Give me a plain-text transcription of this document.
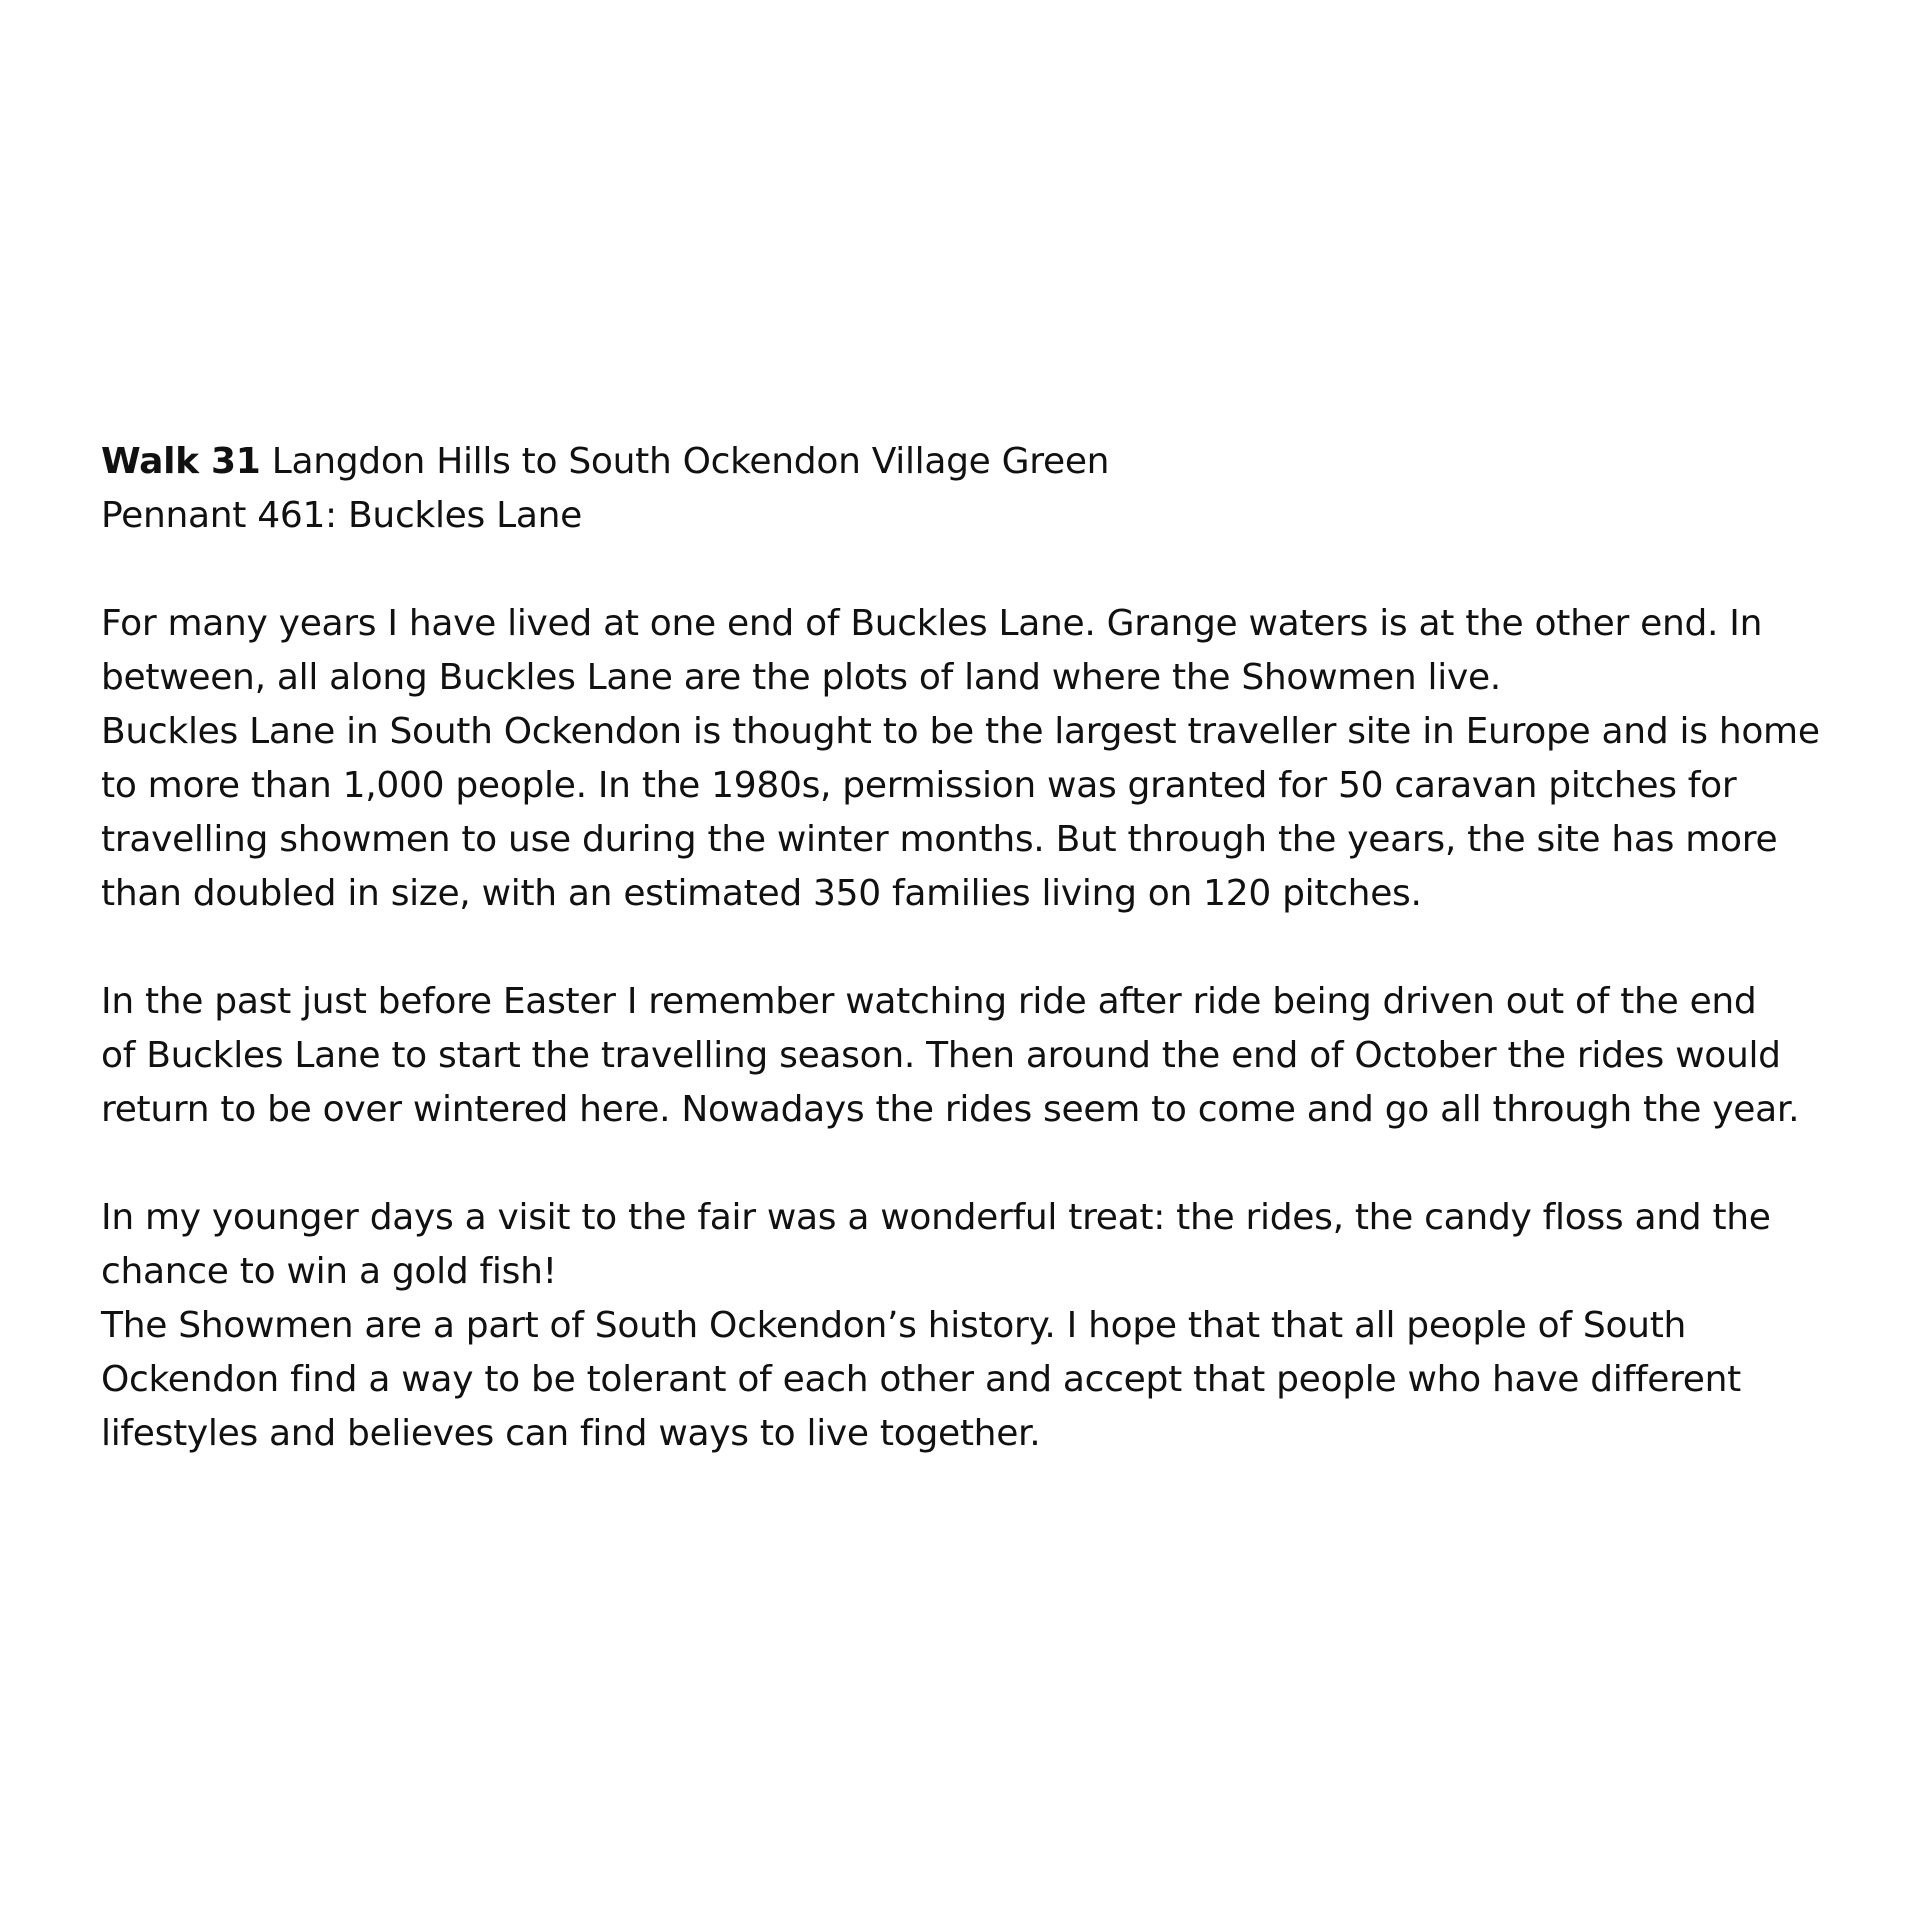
Walk 31 Langdon Hills to South Ockendon Village Green
Pennant 461: Buckles Lane
For many years I have lived at one end of Buckles Lane. Grange waters is at the other end. In
between, all along Buckles Lane are the plots of land where the Showmen live.
Buckles Lane in South Ockendon is thought to be the largest traveller site in Europe and is home
to more than 1,000 people. In the 1980s, permission was granted for 50 caravan pitches for
travelling showmen to use during the winter months. But through the years, the site has more
than doubled in size, with an estimated 350 families living on 120 pitches.
In the past just before Easter I remember watching ride after ride being driven out of the end
of Buckles Lane to start the travelling season. Then around the end of October the rides would
return to be over wintered here. Nowadays the rides seem to come and go all through the year.
In my younger days a visit to the fair was a wonderful treat: the rides, the candy floss and the
chance to win a gold fish!
The Showmen are a part of South Ockendon’s history. I hope that that all people of South
Ockendon find a way to be tolerant of each other and accept that people who have different
lifestyles and believes can find ways to live together.
